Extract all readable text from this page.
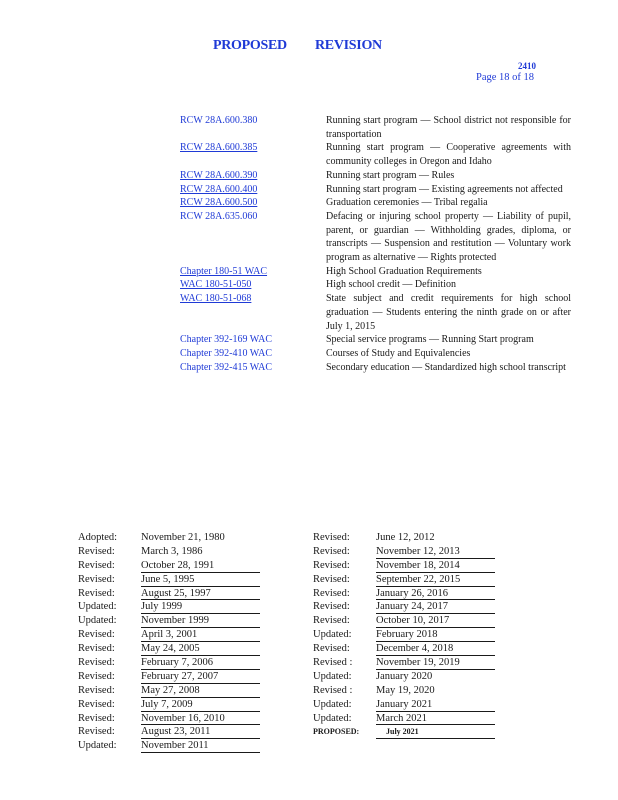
PROPOSED REVISION
2410
Page 18 of 18
RCW 28A.600.380	Running start program — School district not responsible for transportation
RCW 28A.600.385	Running start program — Cooperative agreements with community colleges in Oregon and Idaho
RCW 28A.600.390	Running start program — Rules
RCW 28A.600.400	Running start program — Existing agreements not affected
RCW 28A.600.500	Graduation ceremonies — Tribal regalia
RCW 28A.635.060	Defacing or injuring school property — Liability of pupil, parent, or guardian — Withholding grades, diploma, or transcripts — Suspension and restitution — Voluntary work program as alternative — Rights protected
Chapter 180-51 WAC	High School Graduation Requirements
WAC 180-51-050	High school credit — Definition
WAC 180-51-068	State subject and credit requirements for high school graduation — Students entering the ninth grade on or after July 1, 2015
Chapter 392-169 WAC	Special service programs — Running Start program
Chapter 392-410 WAC	Courses of Study and Equivalencies
Chapter 392-415 WAC	Secondary education — Standardized high school transcript
Adopted:	November 21, 1980
Revised:	March 3, 1986
Revised:	October 28, 1991
Revised:	June 5, 1995
Revised:	August 25, 1997
Updated:	July 1999
Updated:	November 1999
Revised:	April 3, 2001
Revised:	May 24, 2005
Revised:	February 7, 2006
Revised:	February 27, 2007
Revised:	May 27, 2008
Revised:	July 7, 2009
Revised:	November 16, 2010
Revised:	August 23, 2011
Updated:	November 2011
Revised:	June 12, 2012
Revised:	November 12, 2013
Revised:	November 18, 2014
Revised:	September 22, 2015
Revised:	January 26, 2016
Revised:	January 24, 2017
Revised:	October 10, 2017
Updated:	February 2018
Revised:	December 4, 2018
Revised :	November 19, 2019
Updated:	January 2020
Revised :	May 19, 2020
Updated:	January 2021
Updated:	March 2021
PROPOSED:	July 2021
